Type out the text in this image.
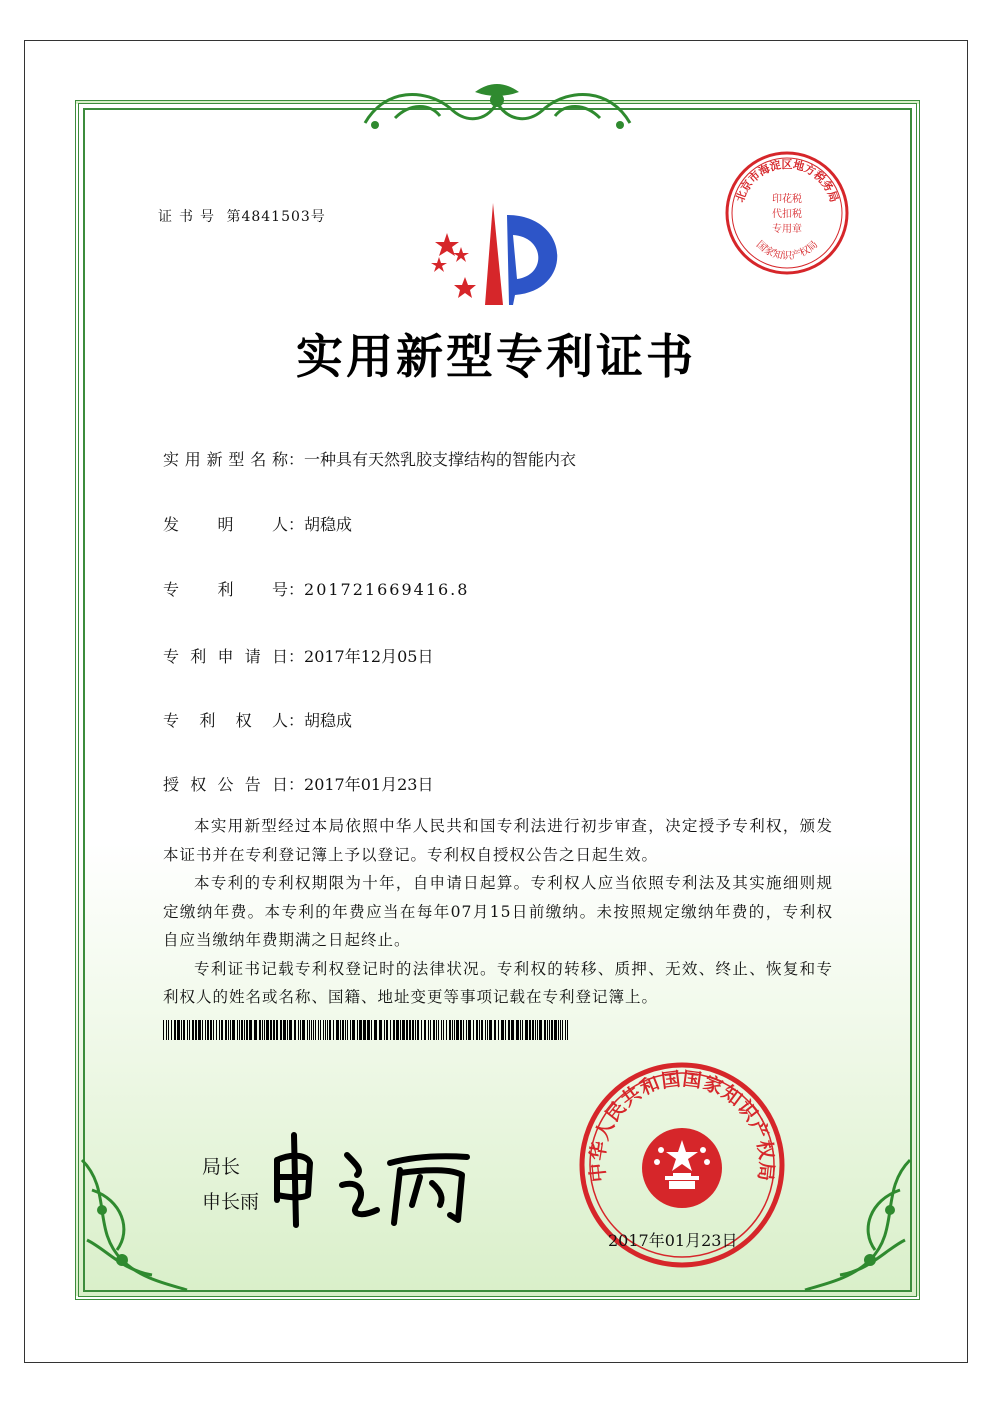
证书号 第4841503号
实用新型专利证书
实用新型名称：一种具有天然乳胶支撑结构的智能内衣
发明人：胡稳成
专利号：201721669416.8
专利申请日：2017年12月05日
专利权人：胡稳成
授权公告日：2017年01月23日

本实用新型经过本局依照中华人民共和国专利法进行初步审查，决定授予专利权，颁发本证书并在专利登记簿上予以登记。专利权自授权公告之日起生效。

本专利的专利权期限为十年，自申请日起算。专利权人应当依照专利法及其实施细则规定缴纳年费。本专利的年费应当在每年07月15日前缴纳。未按照规定缴纳年费的，专利权自应当缴纳年费期满之日起终止。

专利证书记载专利权登记时的法律状况。专利权的转移、质押、无效、终止、恢复和专利权人的姓名或名称、国籍、地址变更等事项记载在专利登记簿上。

局长
申长雨
北京市海淀区地方税务局
国家知识产权局
印花税
代扣税
专用章
中华人民共和国国家知识产权局
2017年01月23日
